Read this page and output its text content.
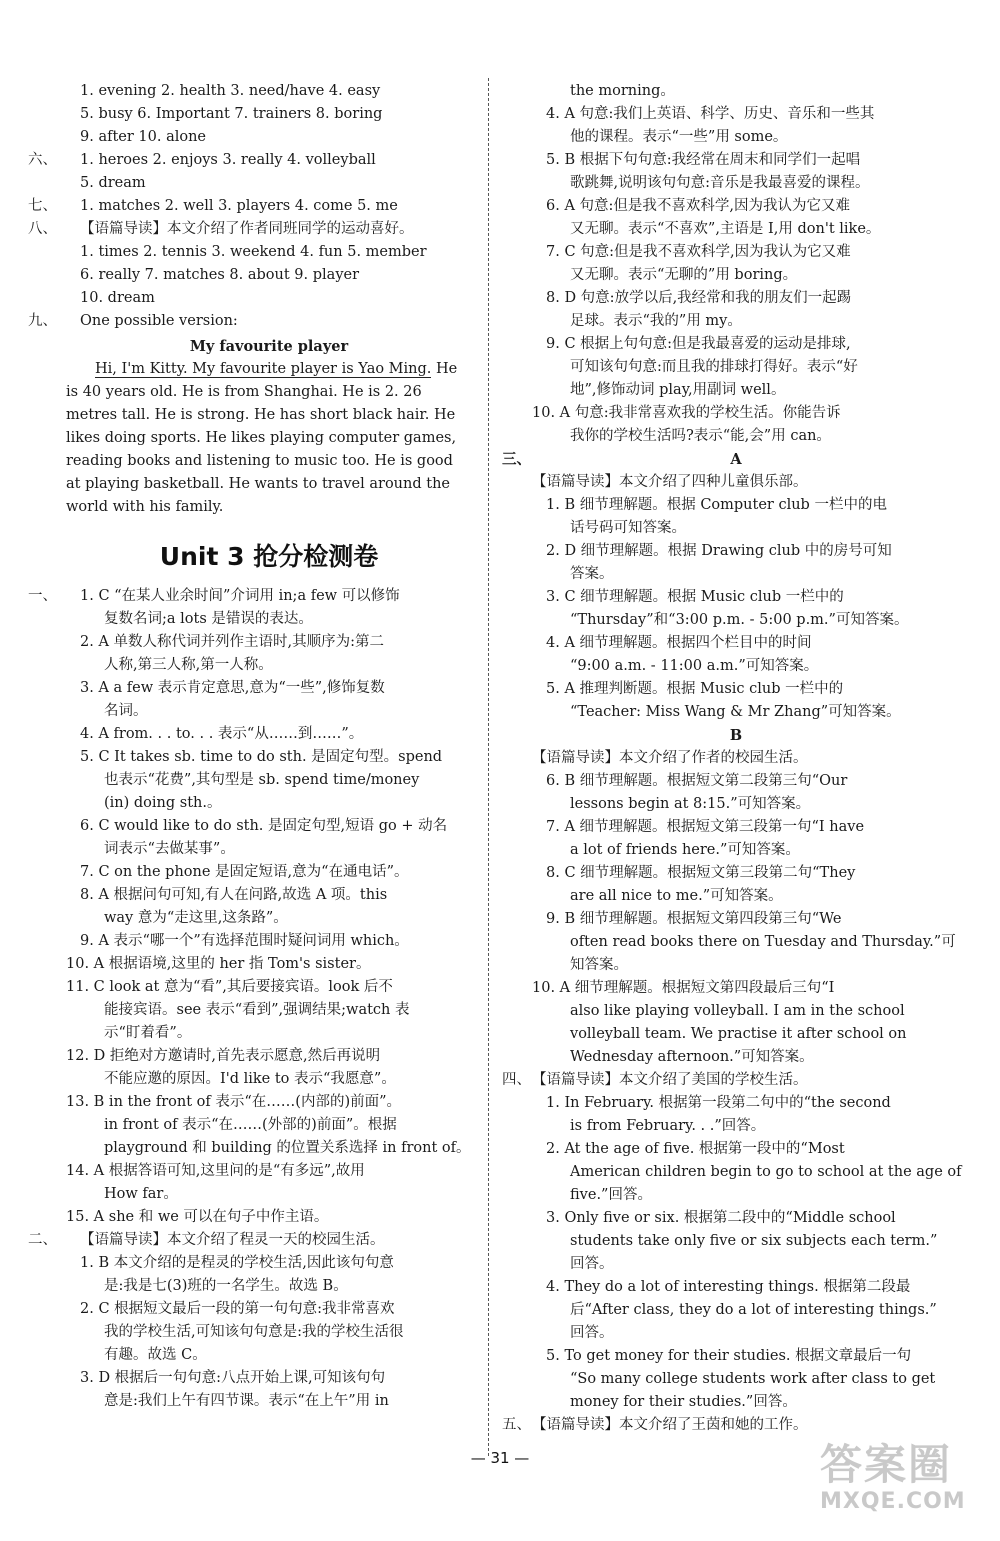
1. evening 2. health 3. need/have 4. easy
5. busy 6. Important 7. trainers 8. boring
9. after 10. alone
六、 1. heroes 2. enjoys 3. really 4. volleyball
5. dream
七、 1. matches 2. well 3. players 4. come 5. me
八、 【语篇导读】本文介绍了作者同班同学的运动喜好。
1. times 2. tennis 3. weekend 4. fun 5. member
6. really 7. matches 8. about 9. player
10. dream
九、 One possible version:
My favourite player
Hi, I'm Kitty. My favourite player is Yao Ming. He is 40 years old. He is from Shanghai. He is 2. 26 metres tall. He is strong. He has short black hair. He likes doing sports. He likes playing computer games, reading books and listening to music too. He is good at playing basketball. He wants to travel around the world with his family.
Unit 3 抢分检测卷
一、 1. C “在某人业余时间”介词用 in;a few 可以修饰
复数名词;a lots 是错误的表达。
2. A 单数人称代词并列作主语时,其顺序为:第二
人称,第三人称,第一人称。
3. A a few 表示肯定意思,意为“一些”,修饰复数
名词。
4. A from. . . to. . . 表示“从……到……”。
5. C It takes sb. time to do sth. 是固定句型。spend
也表示“花费”,其句型是 sb. spend time/money
(in) doing sth.。
6. C would like to do sth. 是固定句型,短语 go + 动名
词表示“去做某事”。
7. C on the phone 是固定短语,意为“在通电话”。
8. A 根据问句可知,有人在问路,故选 A 项。this
way 意为“走这里,这条路”。
9. A 表示“哪一个”有选择范围时疑问词用 which。
10. A 根据语境,这里的 her 指 Tom's sister。
11. C look at 意为“看”,其后要接宾语。look 后不
能接宾语。see 表示“看到”,强调结果;watch 表
示“盯着看”。
12. D 拒绝对方邀请时,首先表示愿意,然后再说明
不能应邀的原因。I'd like to 表示“我愿意”。
13. B in the front of 表示“在……(内部的)前面”。
in front of 表示“在……(外部的)前面”。根据
playground 和 building 的位置关系选择 in front of。
14. A 根据答语可知,这里问的是“有多远”,故用
How far。
15. A she 和 we 可以在句子中作主语。
二、 【语篇导读】本文介绍了程灵一天的校园生活。
1. B 本文介绍的是程灵的学校生活,因此该句句意
是:我是七(3)班的一名学生。故选 B。
2. C 根据短文最后一段的第一句句意:我非常喜欢
我的学校生活,可知该句句意是:我的学校生活很
有趣。故选 C。
3. D 根据后一句句意:八点开始上课,可知该句句
意是:我们上午有四节课。表示“在上午”用 in
the morning。
4. A 句意:我们上英语、科学、历史、音乐和一些其
他的课程。表示“一些”用 some。
5. B 根据下句句意:我经常在周末和同学们一起唱
歌跳舞,说明该句句意:音乐是我最喜爱的课程。
6. A 句意:但是我不喜欢科学,因为我认为它又难
又无聊。表示“不喜欢”,主语是 I,用 don't like。
7. C 句意:但是我不喜欢科学,因为我认为它又难
又无聊。表示“无聊的”用 boring。
8. D 句意:放学以后,我经常和我的朋友们一起踢
足球。表示“我的”用 my。
9. C 根据上句句意:但是我最喜爱的运动是排球,
可知该句句意:而且我的排球打得好。表示“好
地”,修饰动词 play,用副词 well。
10. A 句意:我非常喜欢我的学校生活。你能告诉
我你的学校生活吗?表示“能,会”用 can。
三、	A
【语篇导读】本文介绍了四种儿童俱乐部。
1. B 细节理解题。根据 Computer club 一栏中的电
话号码可知答案。
2. D 细节理解题。根据 Drawing club 中的房号可知
答案。
3. C 细节理解题。根据 Music club 一栏中的
“Thursday”和“3:00 p.m. - 5:00 p.m.”可知答案。
4. A 细节理解题。根据四个栏目中的时间
“9:00 a.m. - 11:00 a.m.”可知答案。
5. A 推理判断题。根据 Music club 一栏中的
“Teacher: Miss Wang & Mr Zhang”可知答案。
B
【语篇导读】本文介绍了作者的校园生活。
6. B 细节理解题。根据短文第二段第三句“Our
lessons begin at 8:15.”可知答案。
7. A 细节理解题。根据短文第三段第一句“I have
a lot of friends here.”可知答案。
8. C 细节理解题。根据短文第三段第二句“They
are all nice to me.”可知答案。
9. B 细节理解题。根据短文第四段第三句“We
often read books there on Tuesday and Thursday.”可
知答案。
10. A 细节理解题。根据短文第四段最后三句“I
also like playing volleyball. I am in the school
volleyball team. We practise it after school on
Wednesday afternoon.”可知答案。
四、 【语篇导读】本文介绍了美国的学校生活。
1. In February. 根据第一段第二句中的“the second
is from February. . .”回答。
2. At the age of five. 根据第一段中的“Most
American children begin to go to school at the age of
five.”回答。
3. Only five or six. 根据第二段中的“Middle school
students take only five or six subjects each term.”
回答。
4. They do a lot of interesting things. 根据第二段最
后“After class, they do a lot of interesting things.”
回答。
5. To get money for their studies. 根据文章最后一句
“So many college students work after class to get
money for their studies.”回答。
五、 【语篇导读】本文介绍了王茵和她的工作。
— 31 —	答案圈
MXQE.COM
